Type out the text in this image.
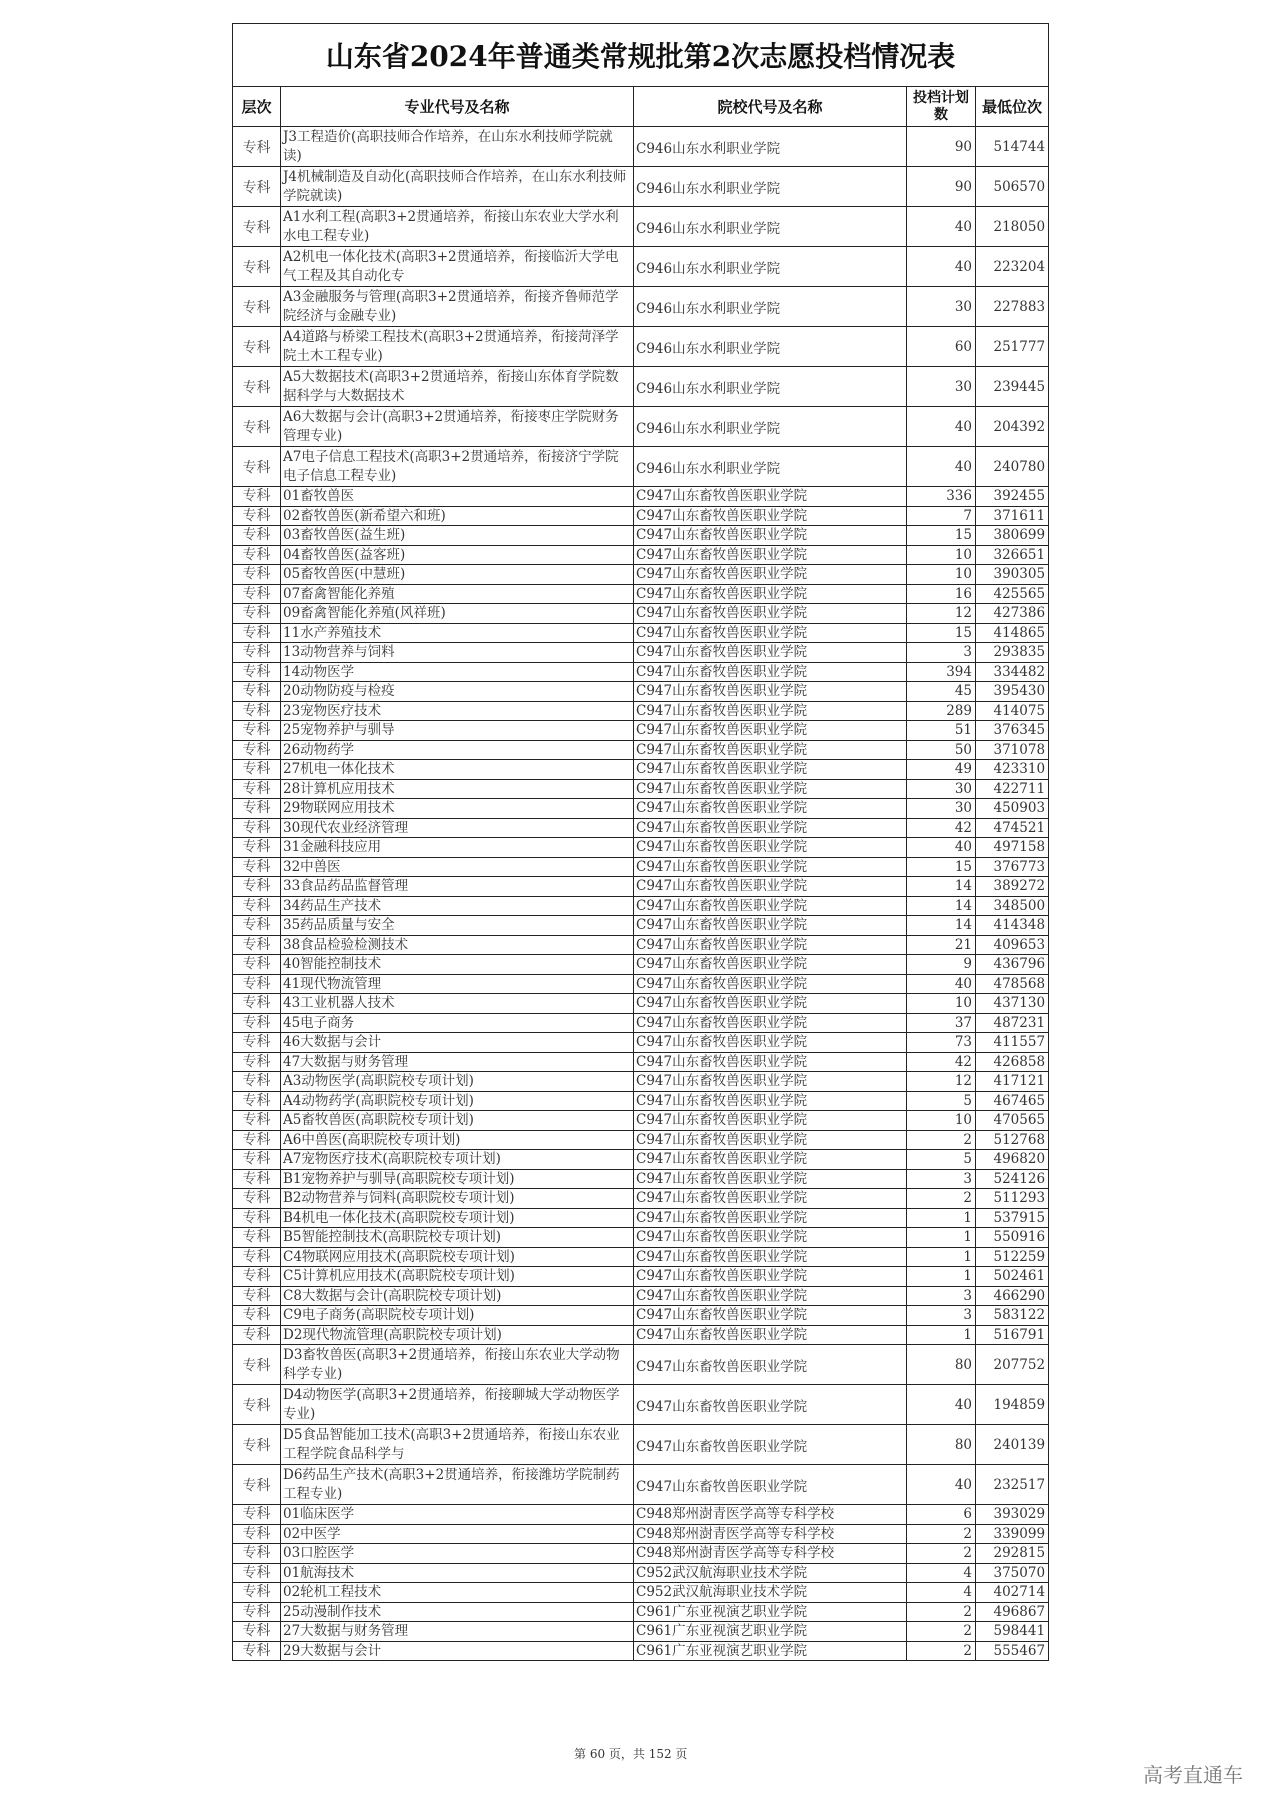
山东省2024年普通类常规批第2次志愿投档情况表				
层次	专业代号及名称	院校代号及名称	投档计划数	最低位次
专科	J3工程造价(高职技师合作培养，在山东水利技师学院就读)	C946山东水利职业学院	90	514744
专科	J4机械制造及自动化(高职技师合作培养，在山东水利技师学院就读)	C946山东水利职业学院	90	506570
专科	A1水利工程(高职3+2贯通培养，衔接山东农业大学水利水电工程专业)	C946山东水利职业学院	40	218050
专科	A2机电一体化技术(高职3+2贯通培养，衔接临沂大学电气工程及其自动化专	C946山东水利职业学院	40	223204
专科	A3金融服务与管理(高职3+2贯通培养，衔接齐鲁师范学院经济与金融专业)	C946山东水利职业学院	30	227883
专科	A4道路与桥梁工程技术(高职3+2贯通培养，衔接菏泽学院土木工程专业)	C946山东水利职业学院	60	251777
专科	A5大数据技术(高职3+2贯通培养，衔接山东体育学院数据科学与大数据技术	C946山东水利职业学院	30	239445
专科	A6大数据与会计(高职3+2贯通培养，衔接枣庄学院财务管理专业)	C946山东水利职业学院	40	204392
专科	A7电子信息工程技术(高职3+2贯通培养，衔接济宁学院电子信息工程专业)	C946山东水利职业学院	40	240780
专科	01畜牧兽医	C947山东畜牧兽医职业学院	336	392455
专科	02畜牧兽医(新希望六和班)	C947山东畜牧兽医职业学院	7	371611
专科	03畜牧兽医(益生班)	C947山东畜牧兽医职业学院	15	380699
专科	04畜牧兽医(益客班)	C947山东畜牧兽医职业学院	10	326651
专科	05畜牧兽医(中慧班)	C947山东畜牧兽医职业学院	10	390305
专科	07畜禽智能化养殖	C947山东畜牧兽医职业学院	16	425565
专科	09畜禽智能化养殖(风祥班)	C947山东畜牧兽医职业学院	12	427386
专科	11水产养殖技术	C947山东畜牧兽医职业学院	15	414865
专科	13动物营养与饲料	C947山东畜牧兽医职业学院	3	293835
专科	14动物医学	C947山东畜牧兽医职业学院	394	334482
专科	20动物防疫与检疫	C947山东畜牧兽医职业学院	45	395430
专科	23宠物医疗技术	C947山东畜牧兽医职业学院	289	414075
专科	25宠物养护与驯导	C947山东畜牧兽医职业学院	51	376345
专科	26动物药学	C947山东畜牧兽医职业学院	50	371078
专科	27机电一体化技术	C947山东畜牧兽医职业学院	49	423310
专科	28计算机应用技术	C947山东畜牧兽医职业学院	30	422711
专科	29物联网应用技术	C947山东畜牧兽医职业学院	30	450903
专科	30现代农业经济管理	C947山东畜牧兽医职业学院	42	474521
专科	31金融科技应用	C947山东畜牧兽医职业学院	40	497158
专科	32中兽医	C947山东畜牧兽医职业学院	15	376773
专科	33食品药品监督管理	C947山东畜牧兽医职业学院	14	389272
专科	34药品生产技术	C947山东畜牧兽医职业学院	14	348500
专科	35药品质量与安全	C947山东畜牧兽医职业学院	14	414348
专科	38食品检验检测技术	C947山东畜牧兽医职业学院	21	409653
专科	40智能控制技术	C947山东畜牧兽医职业学院	9	436796
专科	41现代物流管理	C947山东畜牧兽医职业学院	40	478568
专科	43工业机器人技术	C947山东畜牧兽医职业学院	10	437130
专科	45电子商务	C947山东畜牧兽医职业学院	37	487231
专科	46大数据与会计	C947山东畜牧兽医职业学院	73	411557
专科	47大数据与财务管理	C947山东畜牧兽医职业学院	42	426858
专科	A3动物医学(高职院校专项计划)	C947山东畜牧兽医职业学院	12	417121
专科	A4动物药学(高职院校专项计划)	C947山东畜牧兽医职业学院	5	467465
专科	A5畜牧兽医(高职院校专项计划)	C947山东畜牧兽医职业学院	10	470565
专科	A6中兽医(高职院校专项计划)	C947山东畜牧兽医职业学院	2	512768
专科	A7宠物医疗技术(高职院校专项计划)	C947山东畜牧兽医职业学院	5	496820
专科	B1宠物养护与驯导(高职院校专项计划)	C947山东畜牧兽医职业学院	3	524126
专科	B2动物营养与饲料(高职院校专项计划)	C947山东畜牧兽医职业学院	2	511293
专科	B4机电一体化技术(高职院校专项计划)	C947山东畜牧兽医职业学院	1	537915
专科	B5智能控制技术(高职院校专项计划)	C947山东畜牧兽医职业学院	1	550916
专科	C4物联网应用技术(高职院校专项计划)	C947山东畜牧兽医职业学院	1	512259
专科	C5计算机应用技术(高职院校专项计划)	C947山东畜牧兽医职业学院	1	502461
专科	C8大数据与会计(高职院校专项计划)	C947山东畜牧兽医职业学院	3	466290
专科	C9电子商务(高职院校专项计划)	C947山东畜牧兽医职业学院	3	583122
专科	D2现代物流管理(高职院校专项计划)	C947山东畜牧兽医职业学院	1	516791
专科	D3畜牧兽医(高职3+2贯通培养，衔接山东农业大学动物科学专业)	C947山东畜牧兽医职业学院	80	207752
专科	D4动物医学(高职3+2贯通培养，衔接聊城大学动物医学专业)	C947山东畜牧兽医职业学院	40	194859
专科	D5食品智能加工技术(高职3+2贯通培养，衔接山东农业工程学院食品科学与	C947山东畜牧兽医职业学院	80	240139
专科	D6药品生产技术(高职3+2贯通培养，衔接潍坊学院制药工程专业)	C947山东畜牧兽医职业学院	40	232517
专科	01临床医学	C948郑州澍青医学高等专科学校	6	393029
专科	02中医学	C948郑州澍青医学高等专科学校	2	339099
专科	03口腔医学	C948郑州澍青医学高等专科学校	2	292815
专科	01航海技术	C952武汉航海职业技术学院	4	375070
专科	02轮机工程技术	C952武汉航海职业技术学院	4	402714
专科	25动漫制作技术	C961广东亚视演艺职业学院	2	496867
专科	27大数据与财务管理	C961广东亚视演艺职业学院	2	598441
专科	29大数据与会计	C961广东亚视演艺职业学院	2	555467
第 60 页，共 152 页
高考直通车
